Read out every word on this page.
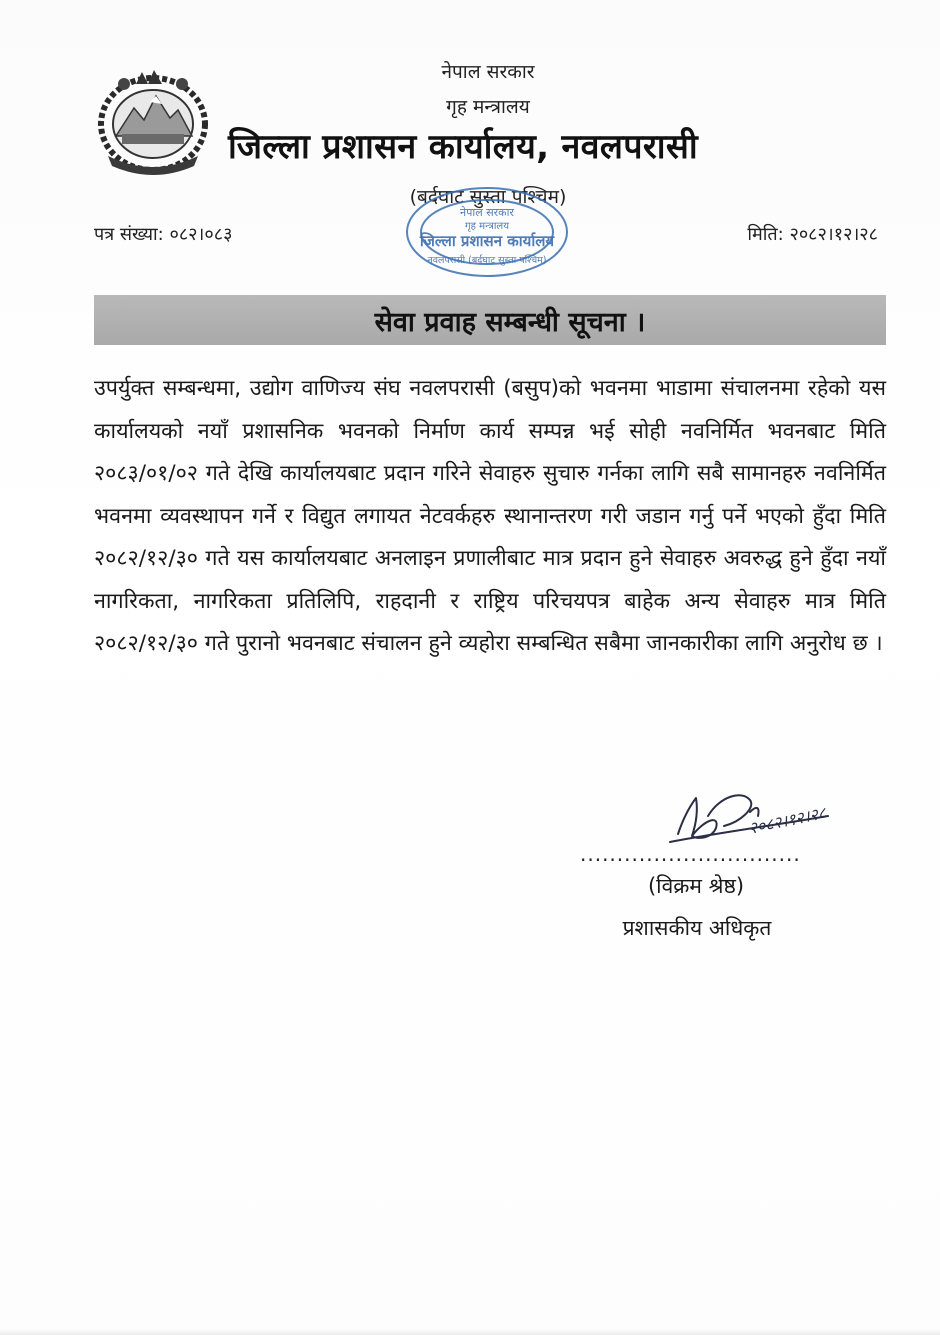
नेपाल सरकार
गृह मन्त्रालय
जिल्ला प्रशासन कार्यालय, नवलपरासी
(बर्दघाट सुस्ता पश्चिम)
पत्र संख्या: ०८२।०८३	मिति: २०८२।१२।२८
नेपाल सरकार
गृह मन्त्रालय
जिल्ला प्रशासन कार्यालय
नवलपरासी (बर्दघाट सुस्ता पश्चिम)
सेवा प्रवाह सम्बन्धी सूचना ।
उपर्युक्त सम्बन्धमा, उद्योग वाणिज्य संघ नवलपरासी (बसुप)को भवनमा भाडामा संचालनमा रहेको यस कार्यालयको नयाँ प्रशासनिक भवनको निर्माण कार्य सम्पन्न भई सोही नवनिर्मित भवनबाट मिति २०८३/०१/०२ गते देखि कार्यालयबाट प्रदान गरिने सेवाहरु सुचारु गर्नका लागि सबै सामानहरु नवनिर्मित भवनमा व्यवस्थापन गर्ने र विद्युत लगायत नेटवर्कहरु स्थानान्तरण गरी जडान गर्नु पर्ने भएको हुँदा मिति २०८२/१२/३० गते यस कार्यालयबाट अनलाइन प्रणालीबाट मात्र प्रदान हुने सेवाहरु अवरुद्ध हुने हुँदा नयाँ नागरिकता, नागरिकता प्रतिलिपि, राहदानी र राष्ट्रिय परिचयपत्र बाहेक अन्य सेवाहरु मात्र मिति २०८२/१२/३० गते पुरानो भवनबाट संचालन हुने व्यहोरा सम्बन्धित सबैमा जानकारीका लागि अनुरोध छ ।
२०८२।१२।२८
..............................
(विक्रम श्रेष्ठ)
प्रशासकीय अधिकृत
